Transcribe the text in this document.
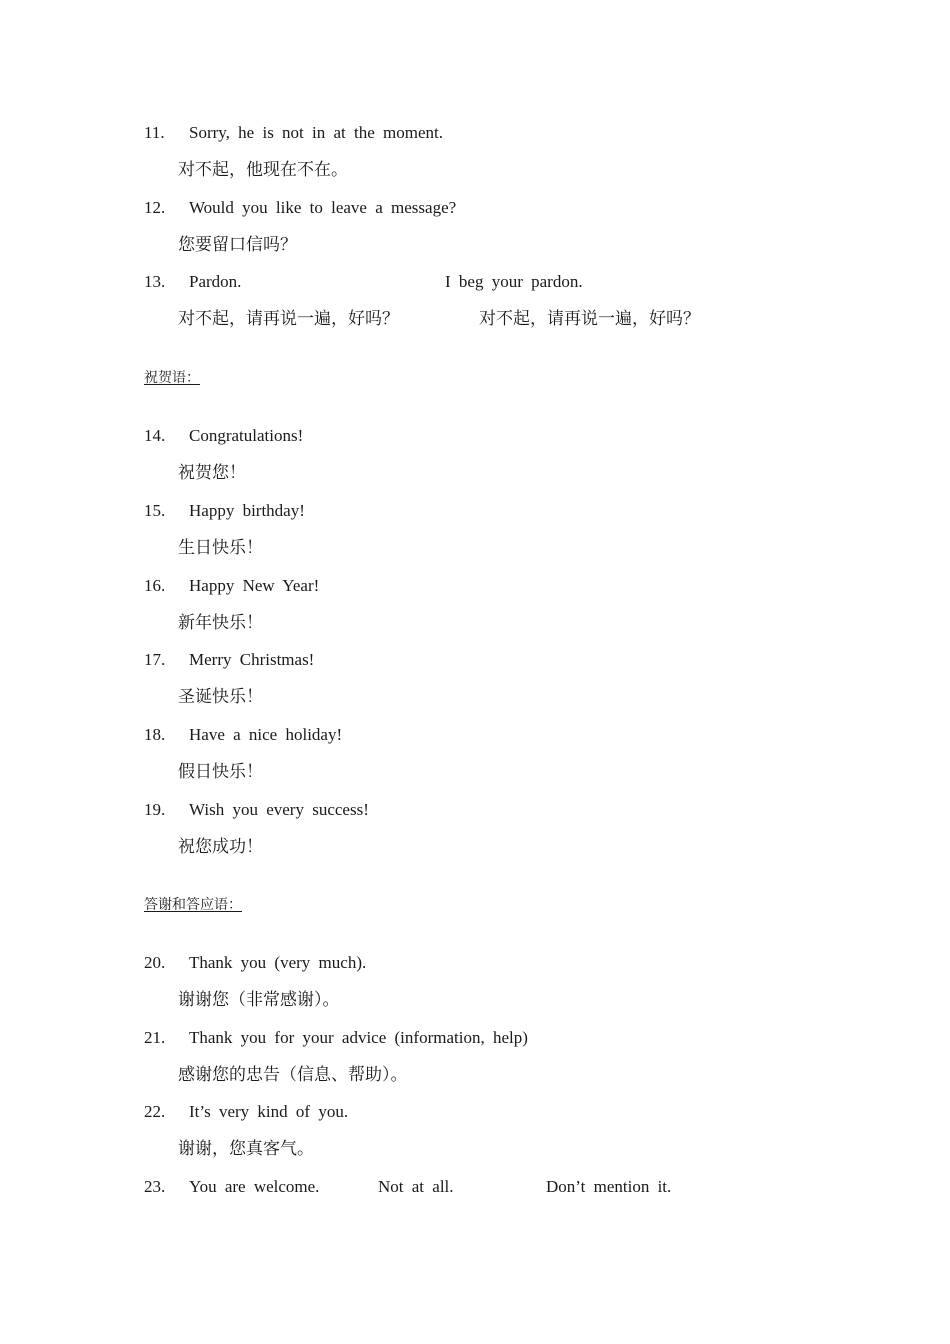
11. Sorry, he is not in at the moment.
对不起，他现在不在。
12. Would you like to leave a message?
您要留口信吗？
13. Pardon.	I beg your pardon.
对不起，请再说一遍，好吗？	对不起，请再说一遍，好吗？
祝贺语：
14. Congratulations!
祝贺您！
15. Happy birthday!
生日快乐！
16. Happy New Year!
新年快乐！
17. Merry Christmas!
圣诞快乐！
18. Have a nice holiday!
假日快乐！
19. Wish you every success!
祝您成功！
答谢和答应语：
20. Thank you (very much).
谢谢您（非常感谢）。
21. Thank you for your advice (information, help)
感谢您的忠告（信息、帮助）。
22. It’s very kind of you.
谢谢，您真客气。
23. You are welcome.	Not at all.	Don’t mention it.
